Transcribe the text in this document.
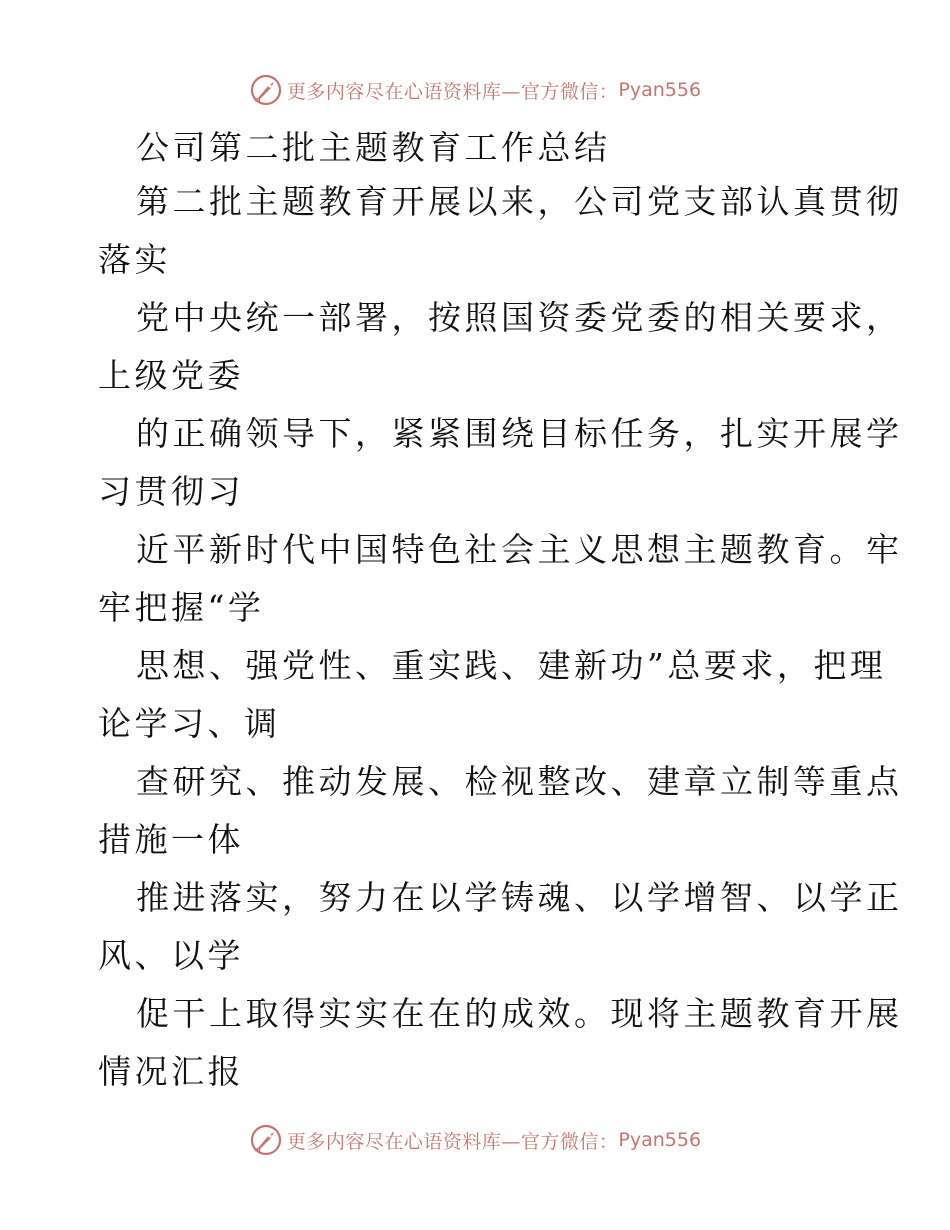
更多内容尽在心语资料库—官方微信： Pyan556
公司第二批主题教育工作总结
第二批主题教育开展以来，公司党支部认真贯彻
落实
党中央统一部署，按照国资委党委的相关要求，
上级党委
的正确领导下，紧紧围绕目标任务，扎实开展学
习贯彻习
近平新时代中国特色社会主义思想主题教育。牢
牢把握“学
思想、强党性、重实践、建新功”总要求，把理
论学习、调
查研究、推动发展、检视整改、建章立制等重点
措施一体
推进落实，努力在以学铸魂、以学增智、以学正
风、以学
促干上取得实实在在的成效。现将主题教育开展
情况汇报
更多内容尽在心语资料库—官方微信： Pyan556
